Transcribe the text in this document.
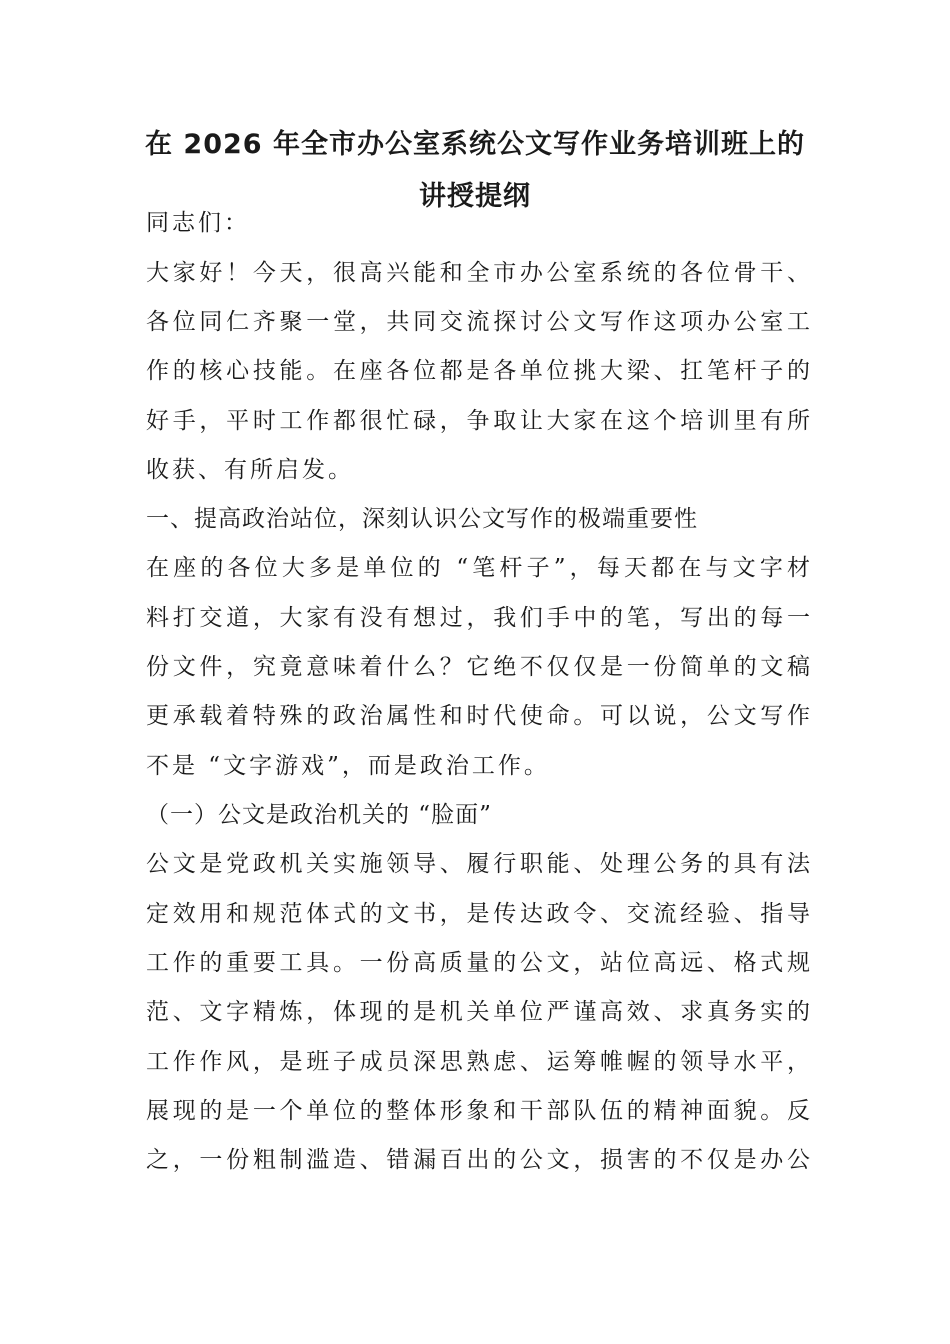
在 2026 年全市办公室系统公文写作业务培训班上的
讲授提纲
同志们：
大家好！今天，很高兴能和全市办公室系统的各位骨干、
各位同仁齐聚一堂，共同交流探讨公文写作这项办公室工
作的核心技能。在座各位都是各单位挑大梁、扛笔杆子的
好手，平时工作都很忙碌，争取让大家在这个培训里有所
收获、有所启发。
一、提高政治站位，深刻认识公文写作的极端重要性
在座的各位大多是单位的 “笔杆子”，每天都在与文字材
料打交道，大家有没有想过，我们手中的笔，写出的每一
份文件，究竟意味着什么？它绝不仅仅是一份简单的文稿
更承载着特殊的政治属性和时代使命。可以说，公文写作
不是 “文字游戏”，而是政治工作。
（一）公文是政治机关的 “脸面”
公文是党政机关实施领导、履行职能、处理公务的具有法
定效用和规范体式的文书，是传达政令、交流经验、指导
工作的重要工具。一份高质量的公文，站位高远、格式规
范、文字精炼，体现的是机关单位严谨高效、求真务实的
工作作风，是班子成员深思熟虑、运筹帷幄的领导水平，
展现的是一个单位的整体形象和干部队伍的精神面貌。反
之，一份粗制滥造、错漏百出的公文，损害的不仅是办公
